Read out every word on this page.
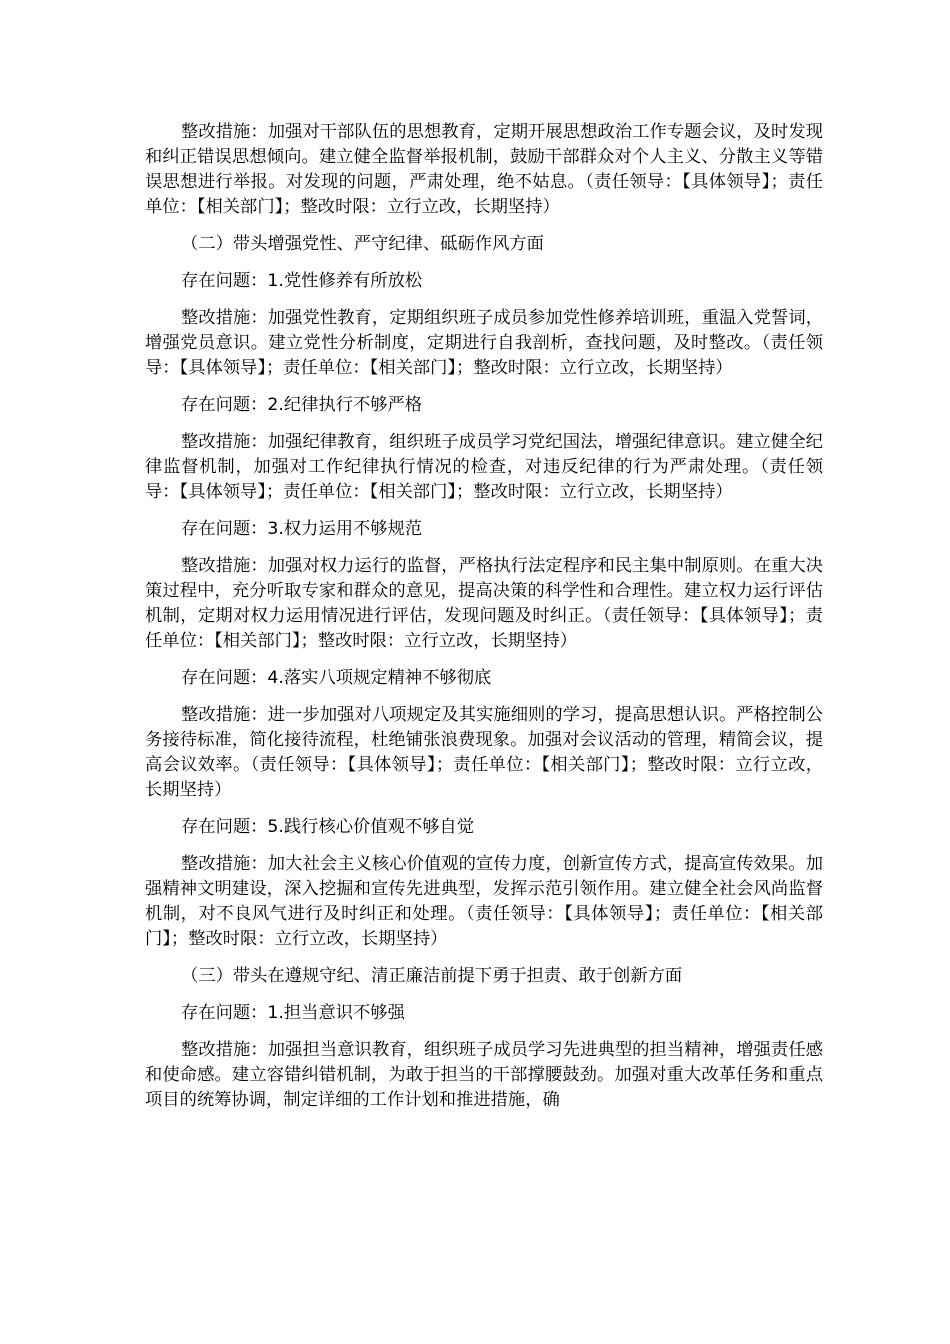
整改措施：加强对干部队伍的思想教育，定期开展思想政治工作专题会议，及时发现和纠正错误思想倾向。建立健全监督举报机制，鼓励干部群众对个人主义、分散主义等错误思想进行举报。对发现的问题，严肃处理，绝不姑息。（责任领导：【具体领导】；责任单位：【相关部门】；整改时限：立行立改，长期坚持）

（二）带头增强党性、严守纪律、砥砺作风方面

存在问题：1.党性修养有所放松

整改措施：加强党性教育，定期组织班子成员参加党性修养培训班，重温入党誓词，增强党员意识。建立党性分析制度，定期进行自我剖析，查找问题，及时整改。（责任领导：【具体领导】；责任单位：【相关部门】；整改时限：立行立改，长期坚持）

存在问题：2.纪律执行不够严格

整改措施：加强纪律教育，组织班子成员学习党纪国法，增强纪律意识。建立健全纪律监督机制，加强对工作纪律执行情况的检查，对违反纪律的行为严肃处理。（责任领导：【具体领导】；责任单位：【相关部门】；整改时限：立行立改，长期坚持）

存在问题：3.权力运用不够规范

整改措施：加强对权力运行的监督，严格执行法定程序和民主集中制原则。在重大决策过程中，充分听取专家和群众的意见，提高决策的科学性和合理性。建立权力运行评估机制，定期对权力运用情况进行评估，发现问题及时纠正。（责任领导：【具体领导】；责任单位：【相关部门】；整改时限：立行立改，长期坚持）

存在问题：4.落实八项规定精神不够彻底

整改措施：进一步加强对八项规定及其实施细则的学习，提高思想认识。严格控制公务接待标准，简化接待流程，杜绝铺张浪费现象。加强对会议活动的管理，精简会议，提高会议效率。（责任领导：【具体领导】；责任单位：【相关部门】；整改时限：立行立改，长期坚持）

存在问题：5.践行核心价值观不够自觉

整改措施：加大社会主义核心价值观的宣传力度，创新宣传方式，提高宣传效果。加强精神文明建设，深入挖掘和宣传先进典型，发挥示范引领作用。建立健全社会风尚监督机制，对不良风气进行及时纠正和处理。（责任领导：【具体领导】；责任单位：【相关部门】；整改时限：立行立改，长期坚持）

（三）带头在遵规守纪、清正廉洁前提下勇于担责、敢于创新方面

存在问题：1.担当意识不够强

整改措施：加强担当意识教育，组织班子成员学习先进典型的担当精神，增强责任感和使命感。建立容错纠错机制，为敢于担当的干部撑腰鼓劲。加强对重大改革任务和重点项目的统筹协调，制定详细的工作计划和推进措施，确
